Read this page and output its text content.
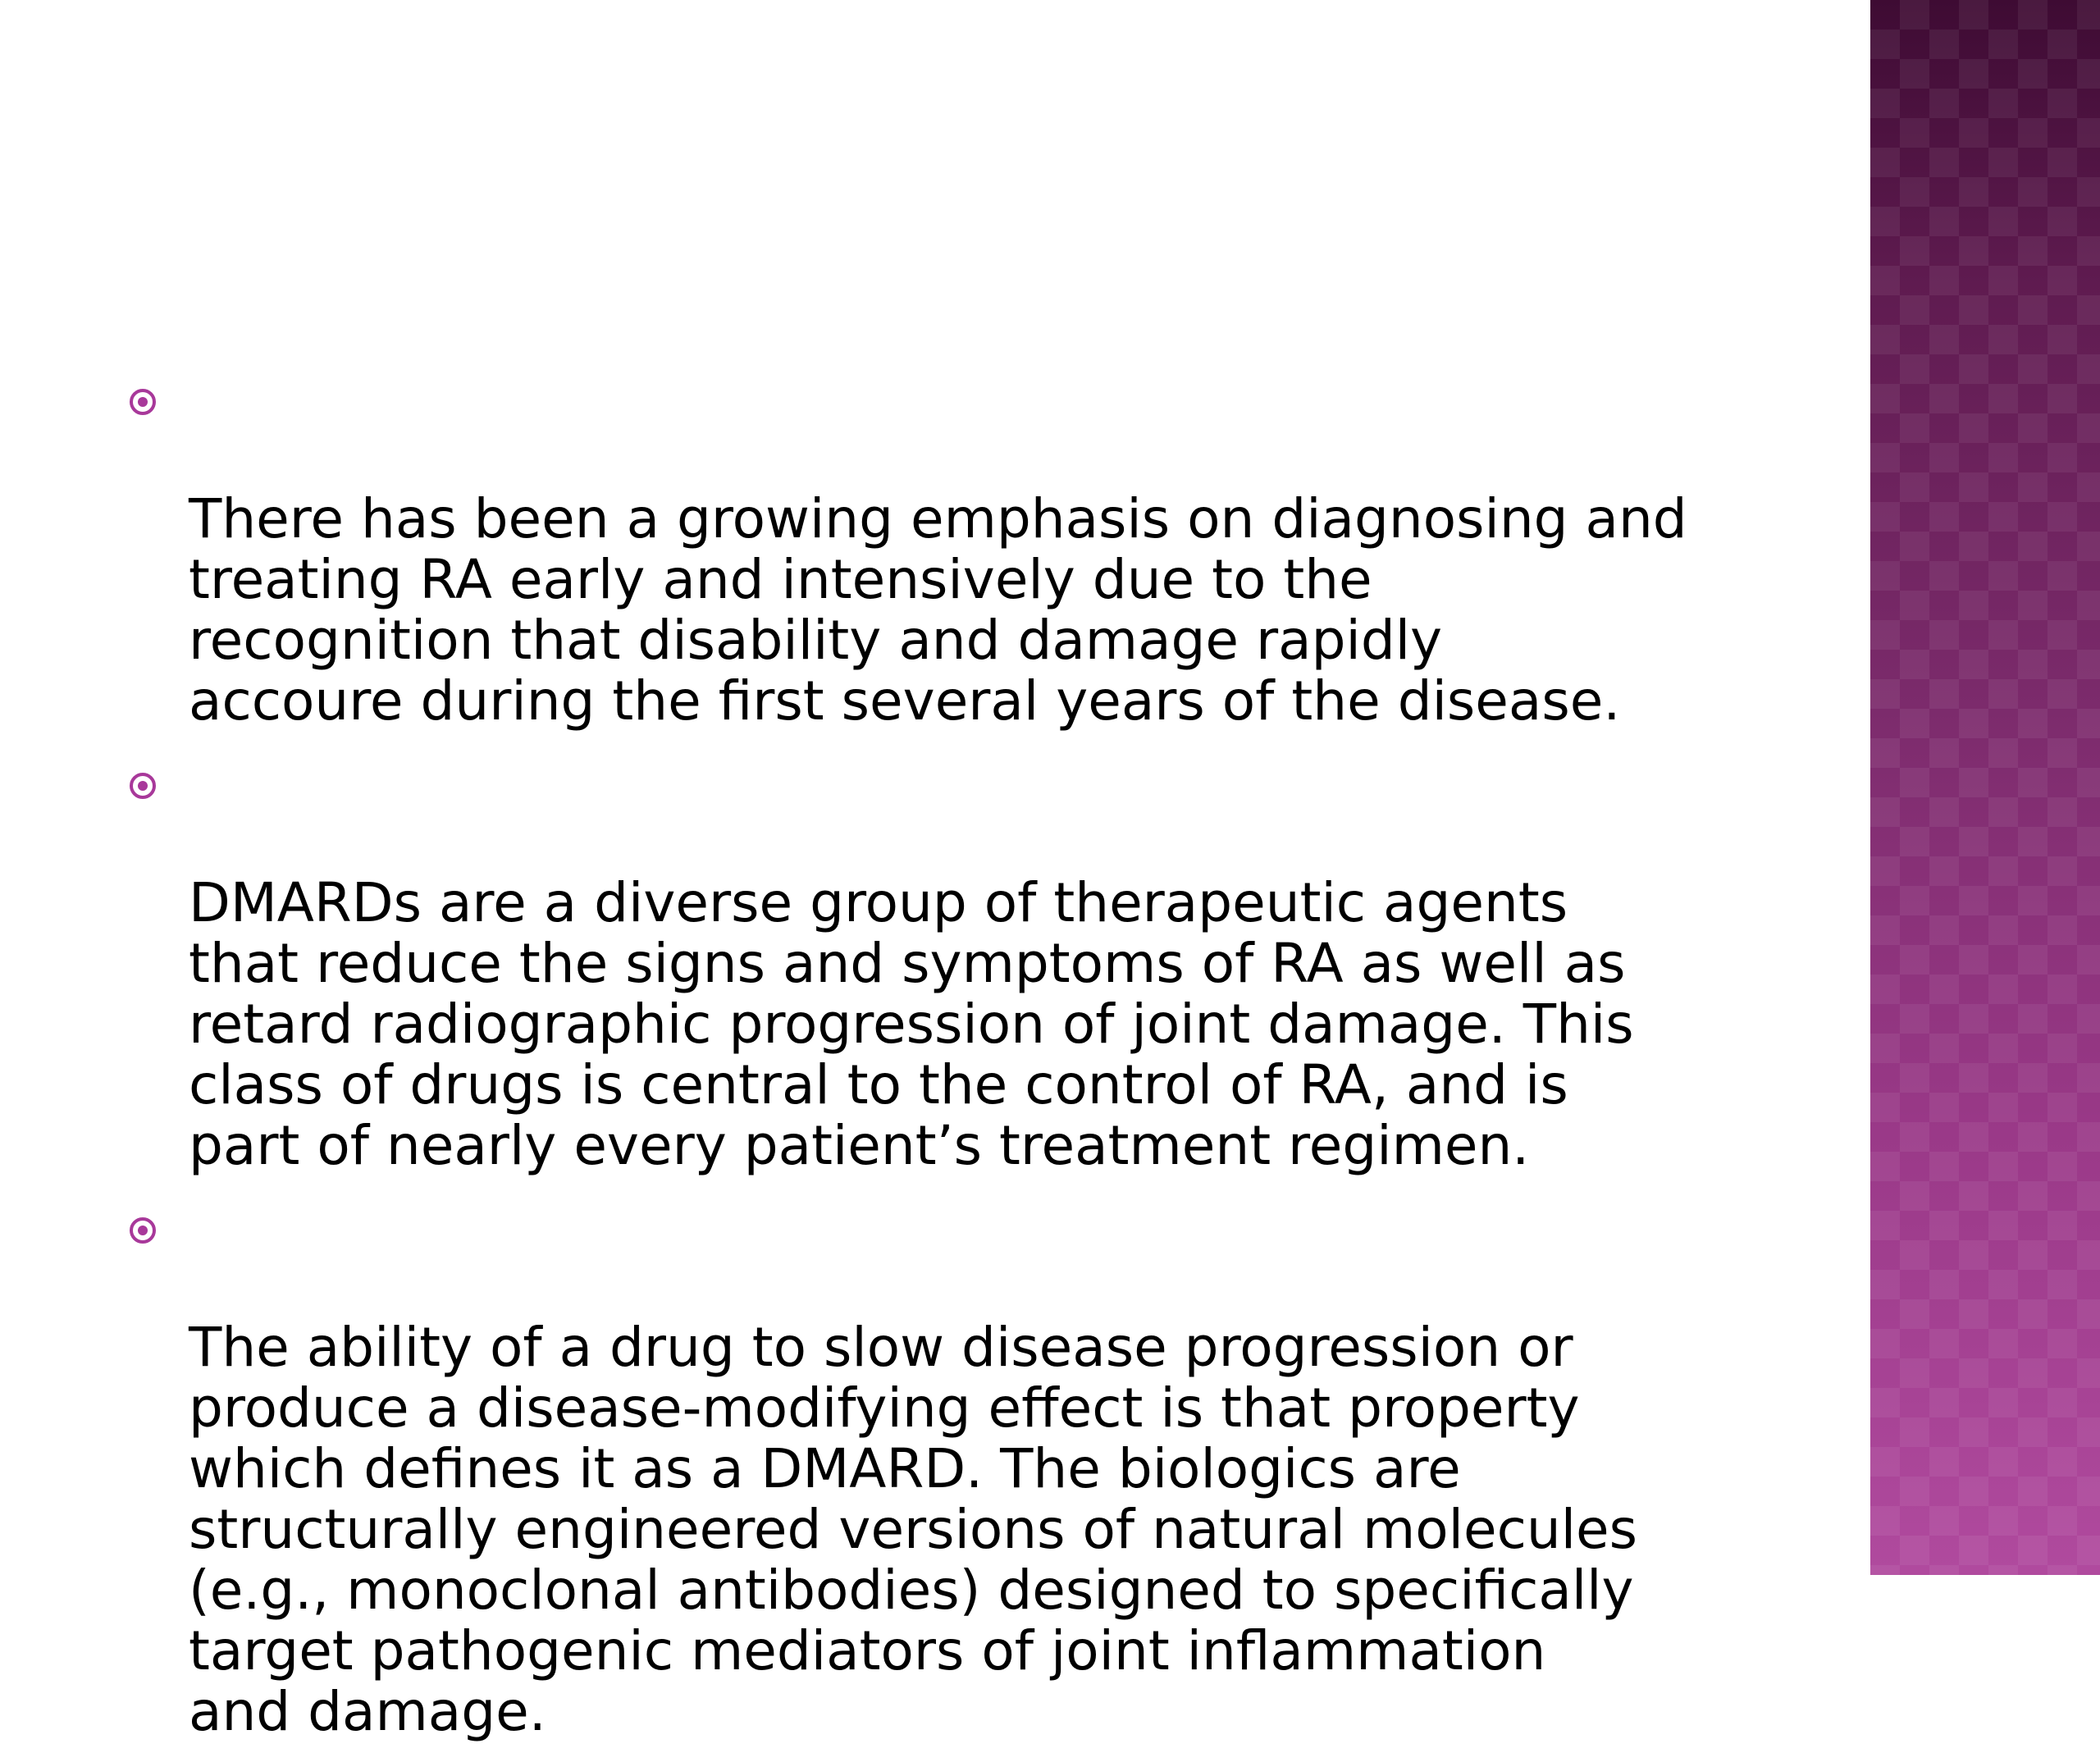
There has been a growing emphasis on diagnosing and
treating RA early and intensively due to the
recognition that disability and damage rapidly
accoure during the first several years of the disease.

DMARDs are a diverse group of therapeutic agents
that reduce the signs and symptoms of RA as well as
retard radiographic progression of joint damage. This
class of drugs is central to the control of RA, and is
part of nearly every patient’s treatment regimen.

The ability of a drug to slow disease progression or
produce a disease-modifying effect is that property
which defines it as a DMARD. The biologics are
structurally engineered versions of natural molecules
(e.g., monoclonal antibodies) designed to specifically
target pathogenic mediators of joint inflammation
and damage.
